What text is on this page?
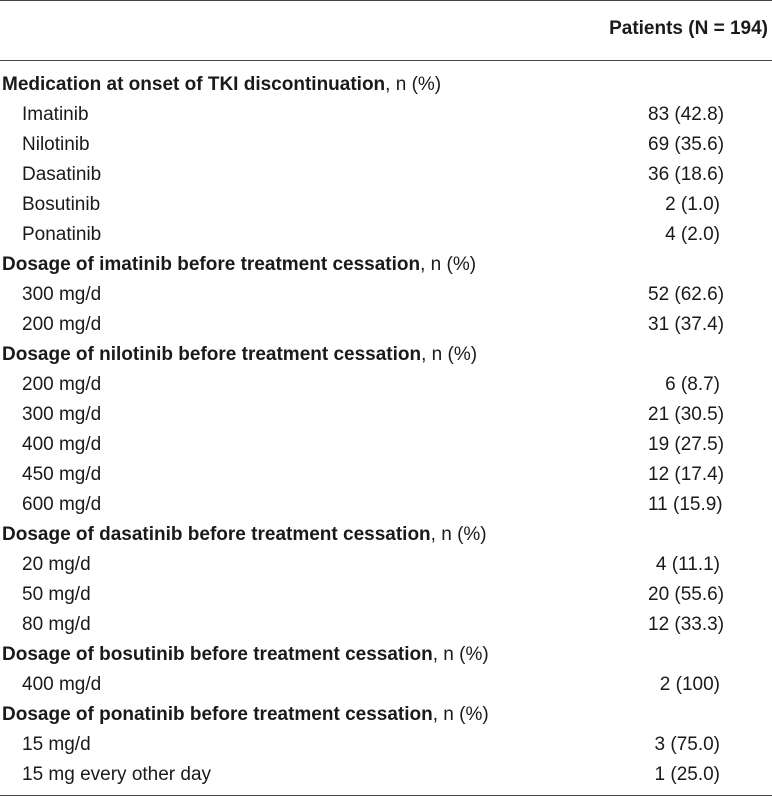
Patients (N = 194)
Medication at onset of TKI discontinuation, n (%)
Imatinib	83 (42.8)
Nilotinib	69 (35.6)
Dasatinib	36 (18.6)
Bosutinib	2 (1.0)
Ponatinib	4 (2.0)
Dosage of imatinib before treatment cessation, n (%)
300 mg/d	52 (62.6)
200 mg/d	31 (37.4)
Dosage of nilotinib before treatment cessation, n (%)
200 mg/d	6 (8.7)
300 mg/d	21 (30.5)
400 mg/d	19 (27.5)
450 mg/d	12 (17.4)
600 mg/d	11 (15.9)
Dosage of dasatinib before treatment cessation, n (%)
20 mg/d	4 (11.1)
50 mg/d	20 (55.6)
80 mg/d	12 (33.3)
Dosage of bosutinib before treatment cessation, n (%)
400 mg/d	2 (100)
Dosage of ponatinib before treatment cessation, n (%)
15 mg/d	3 (75.0)
15 mg every other day	1 (25.0)
